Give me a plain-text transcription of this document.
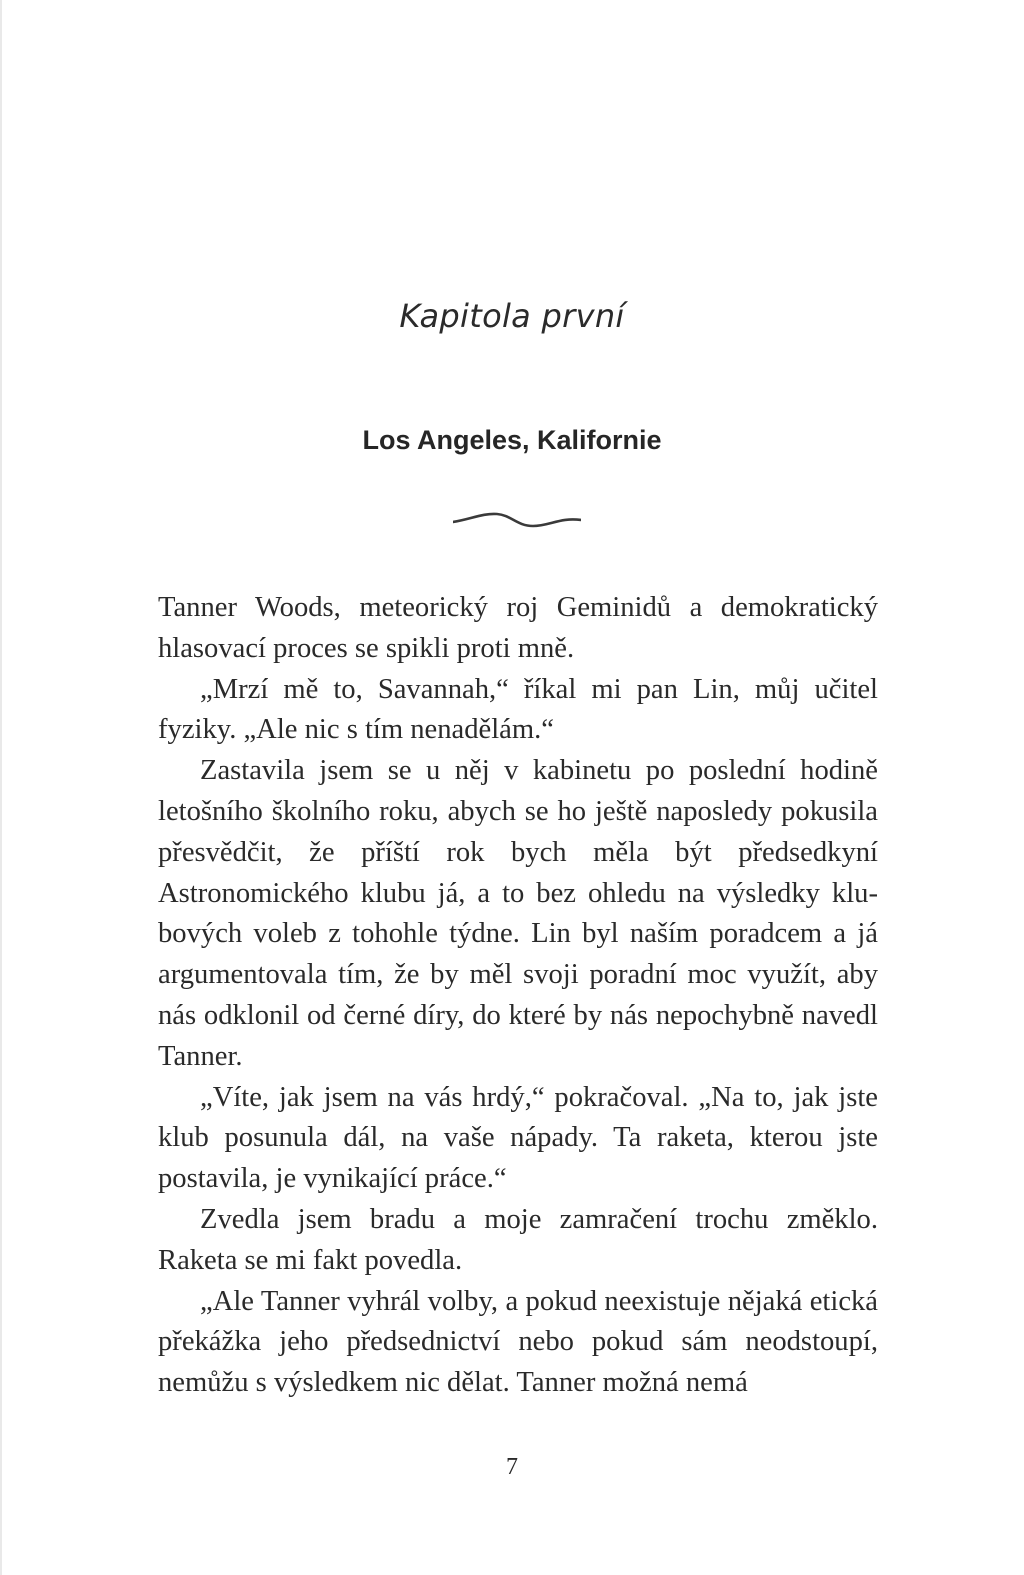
Kapitola první
Los Angeles, Kalifornie

Tanner Woods, meteorický roj Geminidů a demokratický hlasovací proces se spikli proti mně.

„Mrzí mě to, Savannah,“ říkal mi pan Lin, můj učitel fyziky. „Ale nic s tím nenadělám.“

Zastavila jsem se u něj v kabinetu po poslední hodině letošního školního roku, abych se ho ještě naposledy pokusila přesvědčit, že příští rok bych měla být předsedkyní Astronomického klubu já, a to bez ohledu na výsledky klubových voleb z tohohle týdne. Lin byl naším poradcem a já argumentovala tím, že by měl svoji poradní moc využít, aby nás odklonil od černé díry, do které by nás nepochybně navedl Tanner.

„Víte, jak jsem na vás hrdý,“ pokračoval. „Na to, jak jste klub posunula dál, na vaše nápady. Ta raketa, kterou jste postavila, je vynikající práce.“

Zvedla jsem bradu a moje zamračení trochu změklo. Raketa se mi fakt povedla.

„Ale Tanner vyhrál volby, a pokud neexistuje nějaká etická překážka jeho předsednictví nebo pokud sám neodstoupí, nemůžu s výsledkem nic dělat. Tanner možná nemá

7
